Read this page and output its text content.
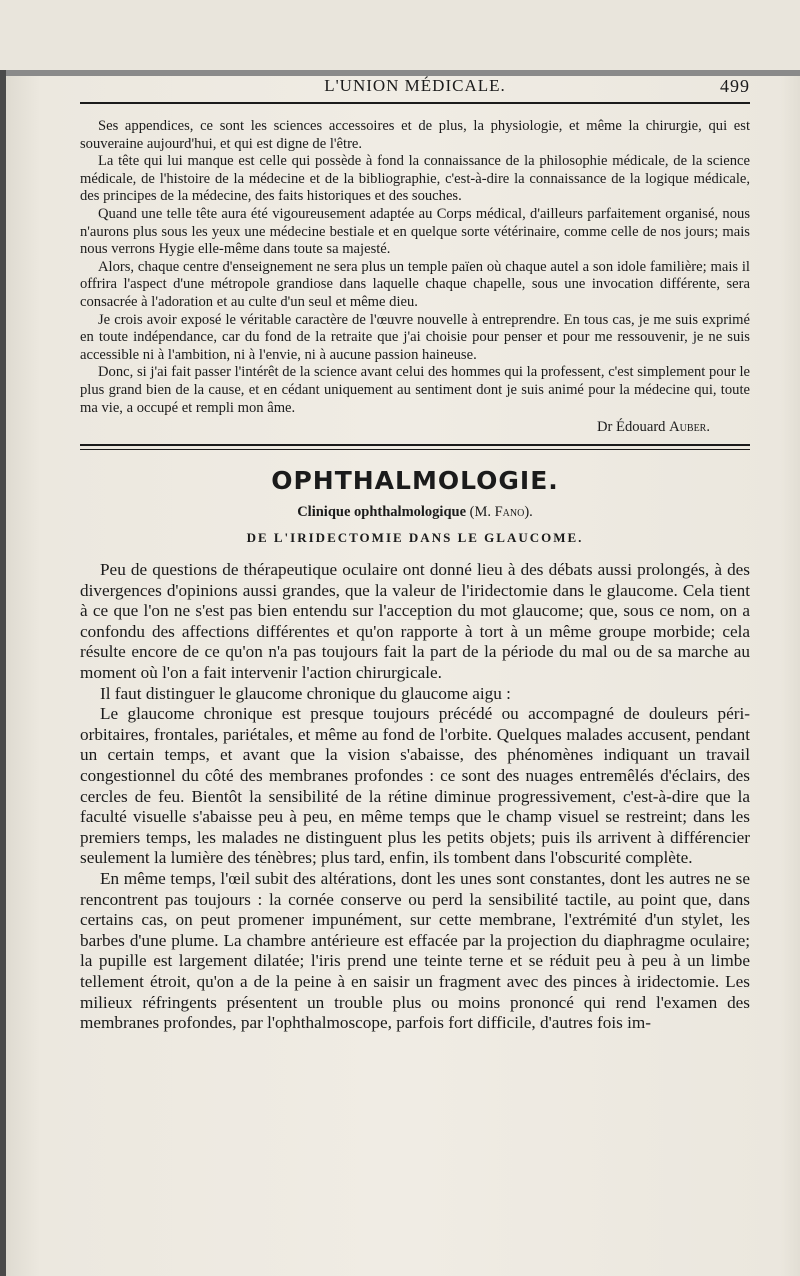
L'UNION MÉDICALE.	499

Ses appendices, ce sont les sciences accessoires et de plus, la physiologie, et même la chirurgie, qui est souveraine aujourd'hui, et qui est digne de l'être.

La tête qui lui manque est celle qui possède à fond la connaissance de la philosophie médicale, de la science médicale, de l'histoire de la médecine et de la bibliographie, c'est-à-dire la connaissance de la logique médicale, des principes de la médecine, des faits historiques et des souches.

Quand une telle tête aura été vigoureusement adaptée au Corps médical, d'ailleurs parfaitement organisé, nous n'aurons plus sous les yeux une médecine bestiale et en quelque sorte vétérinaire, comme celle de nos jours; mais nous verrons Hygie elle-même dans toute sa majesté.

Alors, chaque centre d'enseignement ne sera plus un temple païen où chaque autel a son idole familière; mais il offrira l'aspect d'une métropole grandiose dans laquelle chaque chapelle, sous une invocation différente, sera consacrée à l'adoration et au culte d'un seul et même dieu.

Je crois avoir exposé le véritable caractère de l'œuvre nouvelle à entreprendre. En tous cas, je me suis exprimé en toute indépendance, car du fond de la retraite que j'ai choisie pour penser et pour me ressouvenir, je ne suis accessible ni à l'ambition, ni à l'envie, ni à aucune passion haineuse.

Donc, si j'ai fait passer l'intérêt de la science avant celui des hommes qui la professent, c'est simplement pour le plus grand bien de la cause, et en cédant uniquement au sentiment dont je suis animé pour la médecine qui, toute ma vie, a occupé et rempli mon âme.

Dr Édouard Auber.
OPHTHALMOLOGIE.
Clinique ophthalmologique (M. Fano).
DE L'IRIDECTOMIE DANS LE GLAUCOME.

Peu de questions de thérapeutique oculaire ont donné lieu à des débats aussi prolongés, à des divergences d'opinions aussi grandes, que la valeur de l'iridectomie dans le glaucome. Cela tient à ce que l'on ne s'est pas bien entendu sur l'acception du mot glaucome; que, sous ce nom, on a confondu des affections différentes et qu'on rapporte à tort à un même groupe morbide; cela résulte encore de ce qu'on n'a pas toujours fait la part de la période du mal ou de sa marche au moment où l'on a fait intervenir l'action chirurgicale.

Il faut distinguer le glaucome chronique du glaucome aigu :

Le glaucome chronique est presque toujours précédé ou accompagné de douleurs péri-orbitaires, frontales, pariétales, et même au fond de l'orbite. Quelques malades accusent, pendant un certain temps, et avant que la vision s'abaisse, des phénomènes indiquant un travail congestionnel du côté des membranes profondes : ce sont des nuages entremêlés d'éclairs, des cercles de feu. Bientôt la sensibilité de la rétine diminue progressivement, c'est-à-dire que la faculté visuelle s'abaisse peu à peu, en même temps que le champ visuel se restreint; dans les premiers temps, les malades ne distinguent plus les petits objets; puis ils arrivent à différencier seulement la lumière des ténèbres; plus tard, enfin, ils tombent dans l'obscurité complète.

En même temps, l'œil subit des altérations, dont les unes sont constantes, dont les autres ne se rencontrent pas toujours : la cornée conserve ou perd la sensibilité tactile, au point que, dans certains cas, on peut promener impunément, sur cette membrane, l'extrémité d'un stylet, les barbes d'une plume. La chambre antérieure est effacée par la projection du diaphragme oculaire; la pupille est largement dilatée; l'iris prend une teinte terne et se réduit peu à peu à un limbe tellement étroit, qu'on a de la peine à en saisir un fragment avec des pinces à iridectomie. Les milieux réfringents présentent un trouble plus ou moins prononcé qui rend l'examen des membranes profondes, par l'ophthalmoscope, parfois fort difficile, d'autres fois im-
